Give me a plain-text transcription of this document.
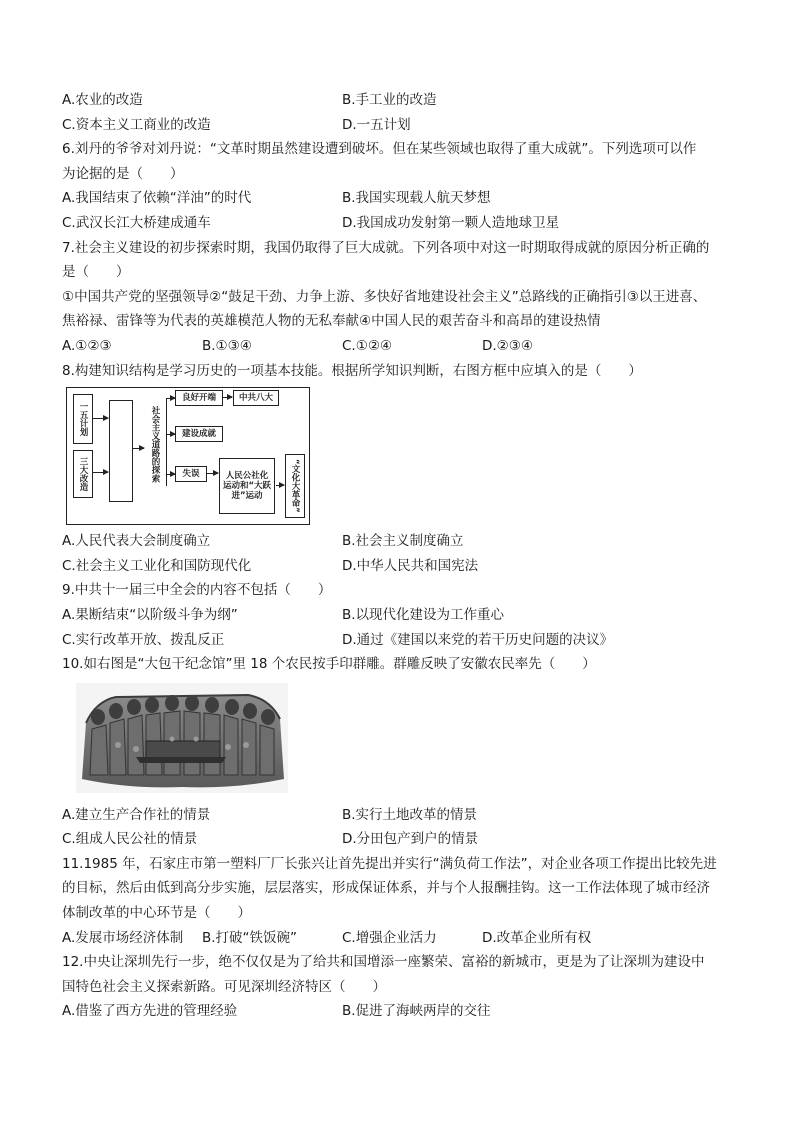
A.农业的改造	B.手工业的改造
C.资本主义工商业的改造	D.一五计划
6.刘丹的爷爷对刘丹说：“文革时期虽然建设遭到破坏。但在某些领域也取得了重大成就”。下列选项可以作
为论据的是（　　）
A.我国结束了依赖“洋油”的时代	B.我国实现载人航天梦想
C.武汉长江大桥建成通车	D.我国成功发射第一颗人造地球卫星
7.社会主义建设的初步探索时期，我国仍取得了巨大成就。下列各项中对这一时期取得成就的原因分析正确的
是（　　）
①中国共产党的坚强领导②“鼓足干劲、力争上游、多快好省地建设社会主义”总路线的正确指引③以王进喜、
焦裕禄、雷锋等为代表的英雄模范人物的无私奉献④中国人民的艰苦奋斗和高昂的建设热情
A.①②③	B.①③④	C.①②④	D.②③④
8.构建知识结构是学习历史的一项基本技能。根据所学知识判断，右图方框中应填入的是（　　）
一五计划
三大改造	社会主义道路的探索
良好开端	中共八大
建设成就
失误	人民公社化运动和“大跃进”运动	“文化大革命”
A.人民代表大会制度确立	B.社会主义制度确立
C.社会主义工业化和国防现代化	D.中华人民共和国宪法
9.中共十一届三中全会的内容不包括（　　）
A.果断结束“以阶级斗争为纲”	B.以现代化建设为工作重心
C.实行改革开放、拨乱反正	D.通过《建国以来党的若干历史问题的决议》
10.如右图是“大包干纪念馆”里 18 个农民按手印群雕。群雕反映了安徽农民率先（　　）
A.建立生产合作社的情景	B.实行土地改革的情景
C.组成人民公社的情景	D.分田包产到户的情景
11.1985 年，石家庄市第一塑料厂厂长张兴让首先提出并实行“满负荷工作法”，对企业各项工作提出比较先进
的目标，然后由低到高分步实施，层层落实，形成保证体系，并与个人报酬挂钩。这一工作法体现了城市经济
体制改革的中心环节是（　　）
A.发展市场经济体制	B.打破“铁饭碗”	C.增强企业活力	D.改革企业所有权
12.中央让深圳先行一步，绝不仅仅是为了给共和国增添一座繁荣、富裕的新城市，更是为了让深圳为建设中
国特色社会主义探索新路。可见深圳经济特区（　　）
A.借鉴了西方先进的管理经验	B.促进了海峡两岸的交往
